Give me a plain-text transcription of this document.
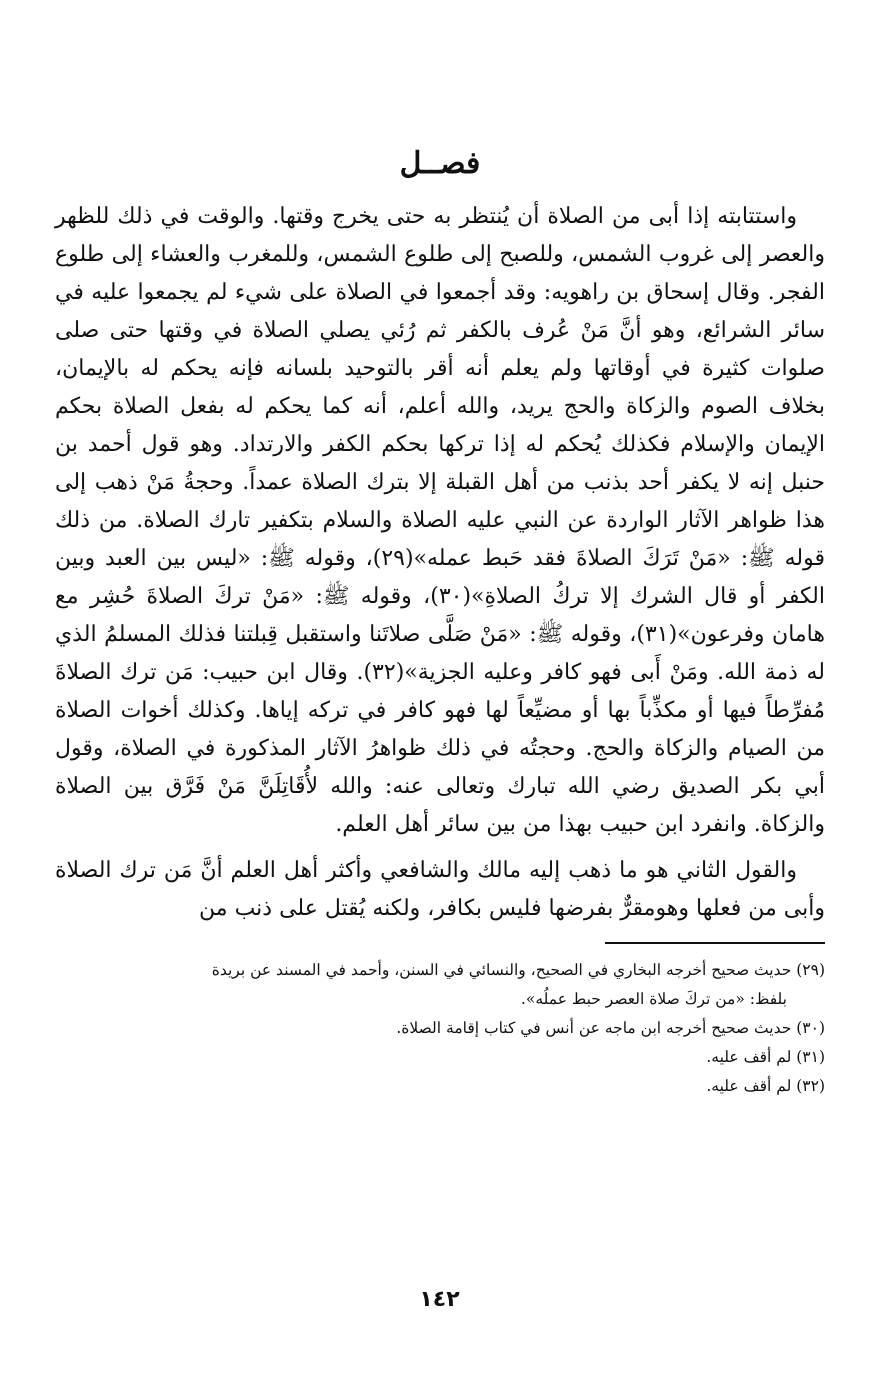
فصــل

واستتابته إذا أبى من الصلاة أن يُنتظر به حتى يخرج وقتها. والوقت في ذلك للظهر والعصر إلى غروب الشمس، وللصبح إلى طلوع الشمس، وللمغرب والعشاء إلى طلوع الفجر. وقال إسحاق بن راهويه: وقد أجمعوا في الصلاة على شيء لم يجمعوا عليه في سائر الشرائع، وهو أنَّ مَنْ عُرف بالكفر ثم رُئي يصلي الصلاة في وقتها حتى صلى صلوات كثيرة في أوقاتها ولم يعلم أنه أقر بالتوحيد بلسانه فإنه يحكم له بالإيمان، بخلاف الصوم والزكاة والحج يريد، والله أعلم، أنه كما يحكم له بفعل الصلاة بحكم الإيمان والإسلام فكذلك يُحكم له إذا تركها بحكم الكفر والارتداد. وهو قول أحمد بن حنبل إنه لا يكفر أحد بذنب من أهل القبلة إلا بترك الصلاة عمداً. وحجةُ مَنْ ذهب إلى هذا ظواهر الآثار الواردة عن النبي عليه الصلاة والسلام بتكفير تارك الصلاة. من ذلك قوله ﷺ: «مَنْ تَرَكَ الصلاةَ فقد حَبط عمله»(٢٩)، وقوله ﷺ: «ليس بين العبد وبين الكفر أو قال الشرك إلا تركُ الصلاةِ»(٣٠)، وقوله ﷺ: «مَنْ تركَ الصلاةَ حُشِر مع هامان وفرعون»(٣١)، وقوله ﷺ: «مَنْ صَلَّى صلاتَنا واستقبل قِبلتنا فذلك المسلمُ الذي له ذمة الله. ومَنْ أَبى فهو كافر وعليه الجزية»(٣٢). وقال ابن حبيب: مَن ترك الصلاةَ مُفرِّطاً فيها أو مكذِّباً بها أو مضيِّعاً لها فهو كافر في تركه إياها. وكذلك أخوات الصلاة من الصيام والزكاة والحج. وحجتُه في ذلك ظواهرُ الآثار المذكورة في الصلاة، وقول أبي بكر الصديق رضي الله تبارك وتعالى عنه: والله لأُقَاتِلَنَّ مَنْ فَرَّق بين الصلاة والزكاة. وانفرد ابن حبيب بهذا من بين سائر أهل العلم.

والقول الثاني هو ما ذهب إليه مالك والشافعي وأكثر أهل العلم أنَّ مَن ترك الصلاة وأبى من فعلها وهومقرٌّ بفرضها فليس بكافر، ولكنه يُقتل على ذنب من

(٢٩) حديث صحيح أخرجه البخاري في الصحيح، والنسائي في السنن، وأحمد في المسند عن بريدة

بلفظ: «من تركَ صلاة العصر حبط عملُه».

(٣٠) حديث صحيح أخرجه ابن ماجه عن أنس في كتاب إقامة الصلاة.

(٣١) لم أقف عليه.

(٣٢) لم أقف عليه.

١٤٢
